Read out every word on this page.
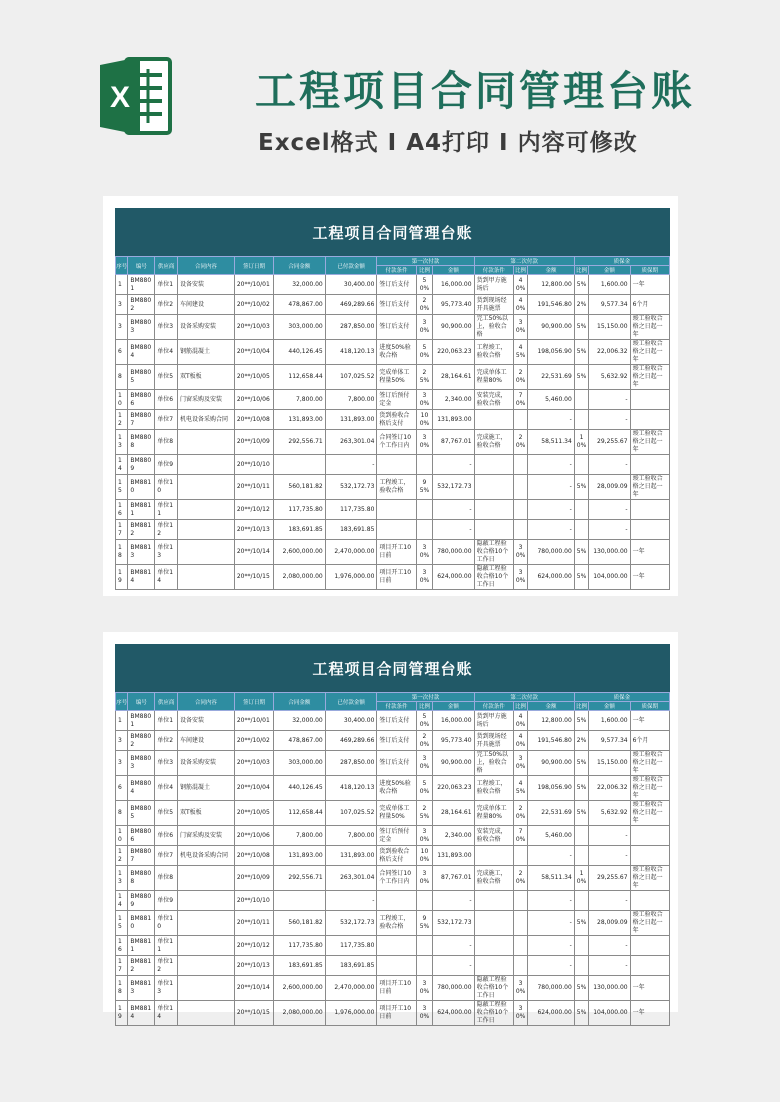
X	工程项目合同管理台账
Excel格式 I A4打印 I 内容可修改
工程项目合同管理台账
序号	编号	供应商	合同内容	签订日期	合同金额	已付款金额	第一次付款			第二次付款			质保金		
							付款条件	比例	金额	付款条件	比例	金额	比例	金额	质保期
1	BM8801	单位1	设备安装	20**/10/01	32,000.00	30,400.00	签订后支付	50%	16,000.00	货到甲方施场后	40%	12,800.00	5%	1,600.00	一年
3	BM8802	单位2	车间建设	20**/10/02	478,867.00	469,289.66	签订后支付	20%	95,773.40	货到现场经开具施票	40%	191,546.80	2%	9,577.34	6个月
3	BM8803	单位3	设备采购安装	20**/10/03	303,000.00	287,850.00	签订后支付	30%	90,900.00	完工50%以上，验收合格	30%	90,900.00	5%	15,150.00	竣工验收合格之日起一年
6	BM8804	单位4	钢筋混凝土	20**/10/04	440,126.45	418,120.13	进度50%验收合格	50%	220,063.23	工程竣工，验收合格	45%	198,056.90	5%	22,006.32	竣工验收合格之日起一年
8	BM8805	单位5	双T板板	20**/10/05	112,658.44	107,025.52	完成单体工程量50%	25%	28,164.61	完成单体工程量80%	20%	22,531.69	5%	5,632.92	竣工验收合格之日起一年
10	BM8806	单位6	门窗采购及安装	20**/10/06	7,800.00	7,800.00	签订后预付定金	30%	2,340.00	安装完成，验收合格	70%	5,460.00		-	
12	BM8807	单位7	机电设备采购合同	20**/10/08	131,893.00	131,893.00	货到验收合格后支付	100%	131,893.00			-		-	
13	BM8808	单位8		20**/10/09	292,556.71	263,301.04	合同签订10个工作日内	30%	87,767.01	完成施工，验收合格	20%	58,511.34	10%	29,255.67	竣工验收合格之日起一年
14	BM8809	单位9		20**/10/10		-			-			-		-	
15	BM8810	单位10		20**/10/11	560,181.82	532,172.73	工程竣工，验收合格	95%	532,172.73			-	5%	28,009.09	竣工验收合格之日起一年
16	BM8811	单位11		20**/10/12	117,735.80	117,735.80			-			-		-	
17	BM8812	单位12		20**/10/13	183,691.85	183,691.85			-			-		-	
18	BM8813	单位13		20**/10/14	2,600,000.00	2,470,000.00	项目开工10日前	30%	780,000.00	隐蔽工程验收合格10个工作日	30%	780,000.00	5%	130,000.00	一年
19	BM8814	单位14		20**/10/15	2,080,000.00	1,976,000.00	项目开工10日前	30%	624,000.00	隐蔽工程验收合格10个工作日	30%	624,000.00	5%	104,000.00	一年
工程项目合同管理台账
序号	编号	供应商	合同内容	签订日期	合同金额	已付款金额	第一次付款			第二次付款			质保金		
							付款条件	比例	金额	付款条件	比例	金额	比例	金额	质保期
1	BM8801	单位1	设备安装	20**/10/01	32,000.00	30,400.00	签订后支付	50%	16,000.00	货到甲方施场后	40%	12,800.00	5%	1,600.00	一年
3	BM8802	单位2	车间建设	20**/10/02	478,867.00	469,289.66	签订后支付	20%	95,773.40	货到现场经开具施票	40%	191,546.80	2%	9,577.34	6个月
3	BM8803	单位3	设备采购安装	20**/10/03	303,000.00	287,850.00	签订后支付	30%	90,900.00	完工50%以上，验收合格	30%	90,900.00	5%	15,150.00	竣工验收合格之日起一年
6	BM8804	单位4	钢筋混凝土	20**/10/04	440,126.45	418,120.13	进度50%验收合格	50%	220,063.23	工程竣工，验收合格	45%	198,056.90	5%	22,006.32	竣工验收合格之日起一年
8	BM8805	单位5	双T板板	20**/10/05	112,658.44	107,025.52	完成单体工程量50%	25%	28,164.61	完成单体工程量80%	20%	22,531.69	5%	5,632.92	竣工验收合格之日起一年
10	BM8806	单位6	门窗采购及安装	20**/10/06	7,800.00	7,800.00	签订后预付定金	30%	2,340.00	安装完成，验收合格	70%	5,460.00		-	
12	BM8807	单位7	机电设备采购合同	20**/10/08	131,893.00	131,893.00	货到验收合格后支付	100%	131,893.00			-		-	
13	BM8808	单位8		20**/10/09	292,556.71	263,301.04	合同签订10个工作日内	30%	87,767.01	完成施工，验收合格	20%	58,511.34	10%	29,255.67	竣工验收合格之日起一年
14	BM8809	单位9		20**/10/10		-			-			-		-	
15	BM8810	单位10		20**/10/11	560,181.82	532,172.73	工程竣工，验收合格	95%	532,172.73			-	5%	28,009.09	竣工验收合格之日起一年
16	BM8811	单位11		20**/10/12	117,735.80	117,735.80			-			-		-	
17	BM8812	单位12		20**/10/13	183,691.85	183,691.85			-			-		-	
18	BM8813	单位13		20**/10/14	2,600,000.00	2,470,000.00	项目开工10日前	30%	780,000.00	隐蔽工程验收合格10个工作日	30%	780,000.00	5%	130,000.00	一年
19	BM8814	单位14		20**/10/15	2,080,000.00	1,976,000.00	项目开工10日前	30%	624,000.00	隐蔽工程验收合格10个工作日	30%	624,000.00	5%	104,000.00	一年
